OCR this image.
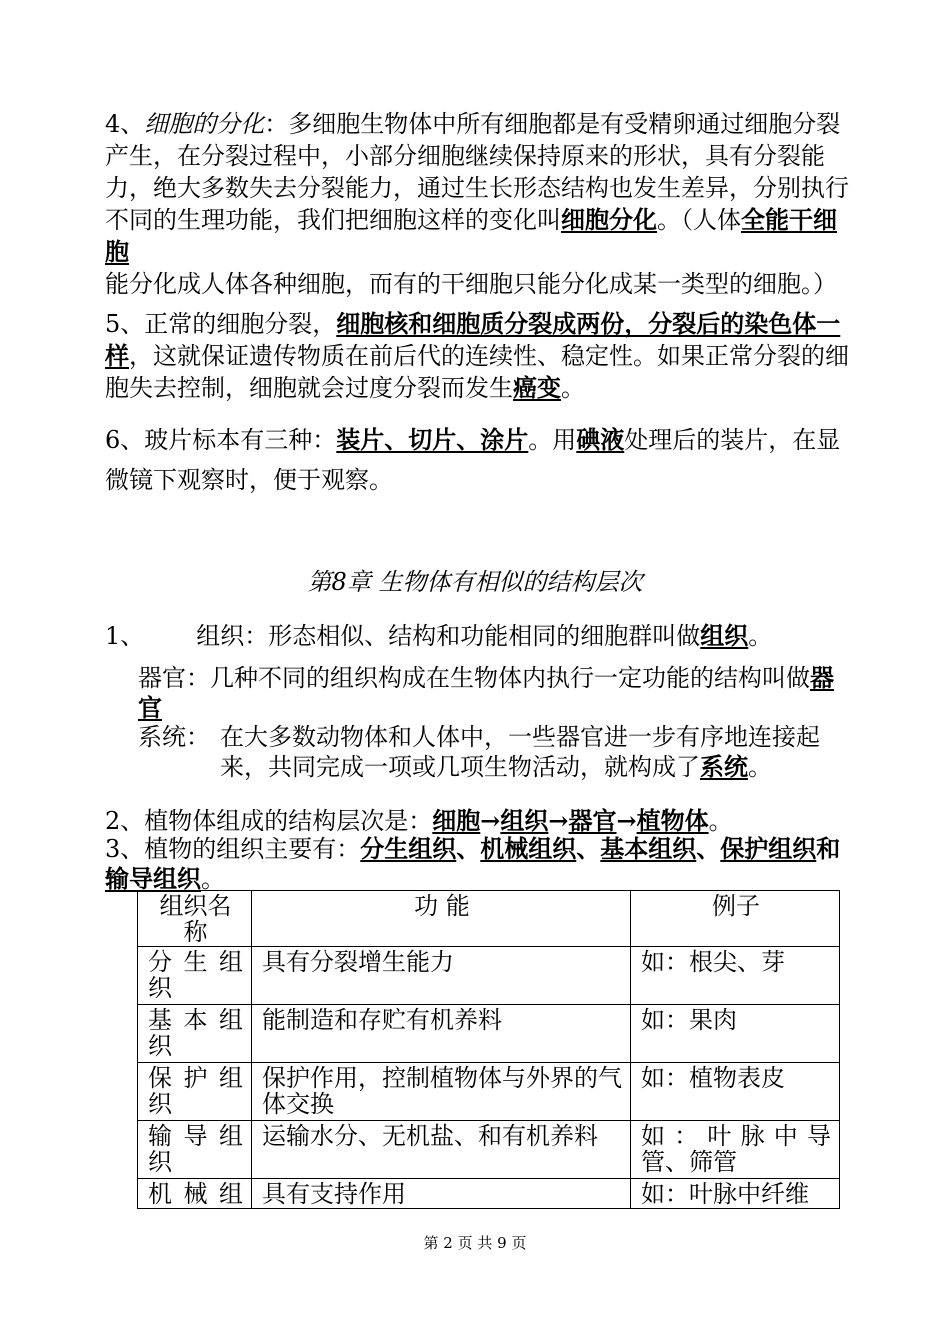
4、细胞的分化：多细胞生物体中所有细胞都是有受精卵通过细胞分裂产生，在分裂过程中，小部分细胞继续保持原来的形状，具有分裂能力，绝大多数失去分裂能力，通过生长形态结构也发生差异，分别执行不同的生理功能，我们把细胞这样的变化叫细胞分化。（人体全能干细胞能分化成人体各种细胞，而有的干细胞只能分化成某一类型的细胞。）

5、正常的细胞分裂，细胞核和细胞质分裂成两份，分裂后的染色体一样，这就保证遗传物质在前后代的连续性、稳定性。如果正常分裂的细胞失去控制，细胞就会过度分裂而发生癌变。

6、玻片标本有三种：装片、切片、涂片。用碘液处理后的装片，在显微镜下观察时，便于观察。

第8章 生物体有相似的结构层次
1、 组织：形态相似、结构和功能相同的细胞群叫做组织。
器官：几种不同的组织构成在生物体内执行一定功能的结构叫做器官
系统： 在大多数动物体和人体中，一些器官进一步有序地连接起来，共同完成一项或几项生物活动，就构成了系统。
2、植物体组成的结构层次是：细胞→组织→器官→植物体。
3、植物的组织主要有：分生组织、机械组织、基本组织、保护组织和输导组织。
组织名称	功 能	例子
分生组织	具有分裂增生能力	如：根尖、芽
基本组织	能制造和存贮有机养料	如：果肉
保护组织	保护作用，控制植物体与外界的气体交换	如：植物表皮
输导组织	运输水分、无机盐、和有机养料	如：叶脉中导管、筛管
机械组	具有支持作用	如：叶脉中纤维
第 2 页 共 9 页
